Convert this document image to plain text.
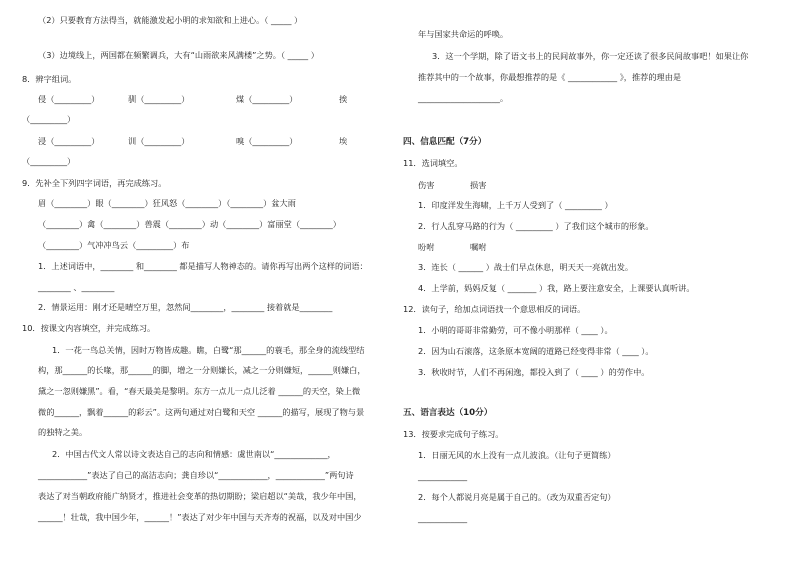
（2）只要教育方法得当，就能激发起小明的求知欲和上进心。（ _____ ）
（3）边境线上，两国都在频繁调兵，大有“山雨欲来风满楼”之势。（ _____ ）
8．辨字组词。
侵（_________）	驯（_________）	煤（_________）	挨
（_________）
浸（_________）	训（_________）	嗅（_________）	埃
（_________）
9．先补全下列四字词语，再完成练习。
眉（________）眼（________）狂风怒（________）（________）盆大雨
（________）禽（________）兽震（________）动（________）富丽堂（________）
（________）气冲冲鸟云（_________）布
1．上述词语中，________ 和________ 都是描写人物神态的。请你再写出两个这样的词语：
________ 、________
2．情景运用：刚才还是晴空万里，忽然间________，________ 接着就是________
10．按课文内容填空，并完成练习。
1．一花一鸟总关情，因时万物皆成趣。瞧，白鹭“那______的蓑毛，那全身的流线型结
构，那______的长喙，那______的脚，增之一分则嫌长，减之一分则嫌短，______则嫌白，
黛之一忽则嫌黑”。看，“春天最美是黎明。东方一点儿一点儿泛着 ______的天空，染上微
微的______，飘着______的彩云”。这两句通过对白鹭和天空 ______的描写，展现了物与景
的独特之美。
2．中国古代文人常以诗文表达自己的志向和情感：虞世南以“_____________，
____________”表达了自己的高洁志向；龚自珍以“____________，____________”两句诗
表达了对当朝政府能广纳贤才，推进社会变革的热切期盼；梁启超以“美哉，我少年中国，
______！壮哉，我中国少年，______！”表达了对少年中国与天齐寿的祝福，以及对中国少
年与国家共命运的呼唤。
3．这一个学期，除了语文书上的民间故事外，你一定还读了很多民间故事吧！如果让你
推荐其中的一个故事，你最想推荐的是《 ____________ 》，推荐的理由是
____________________。
四、信息匹配（7分）
11．选词填空。
伤害	损害
1．印度洋发生海啸，上千万人受到了（ _________ ）
2．行人乱穿马路的行为（ _________ ）了我们这个城市的形象。
吩咐	嘱咐
3．连长（ ______ ）战士们早点休息，明天天一亮就出发。
4．上学前，妈妈反复（ _______ ）我，路上要注意安全，上课要认真听讲。
12．读句子，给加点词语找一个意思相反的词语。
1．小明的哥哥非常勤劳，可不像小明那样（ ____ ）。
2．因为山石滚落，这条原本宽阔的道路已经变得非常（ ____ ）。
3．秋收时节，人们不再闲逸，都投入到了（ ____ ）的劳作中。
五、语言表达（10分）
13．按要求完成句子练习。
1．日丽无风的水上没有一点儿波浪。（让句子更简练）
____________
2．每个人都说月亮是属于自己的。（改为双重否定句）
____________
